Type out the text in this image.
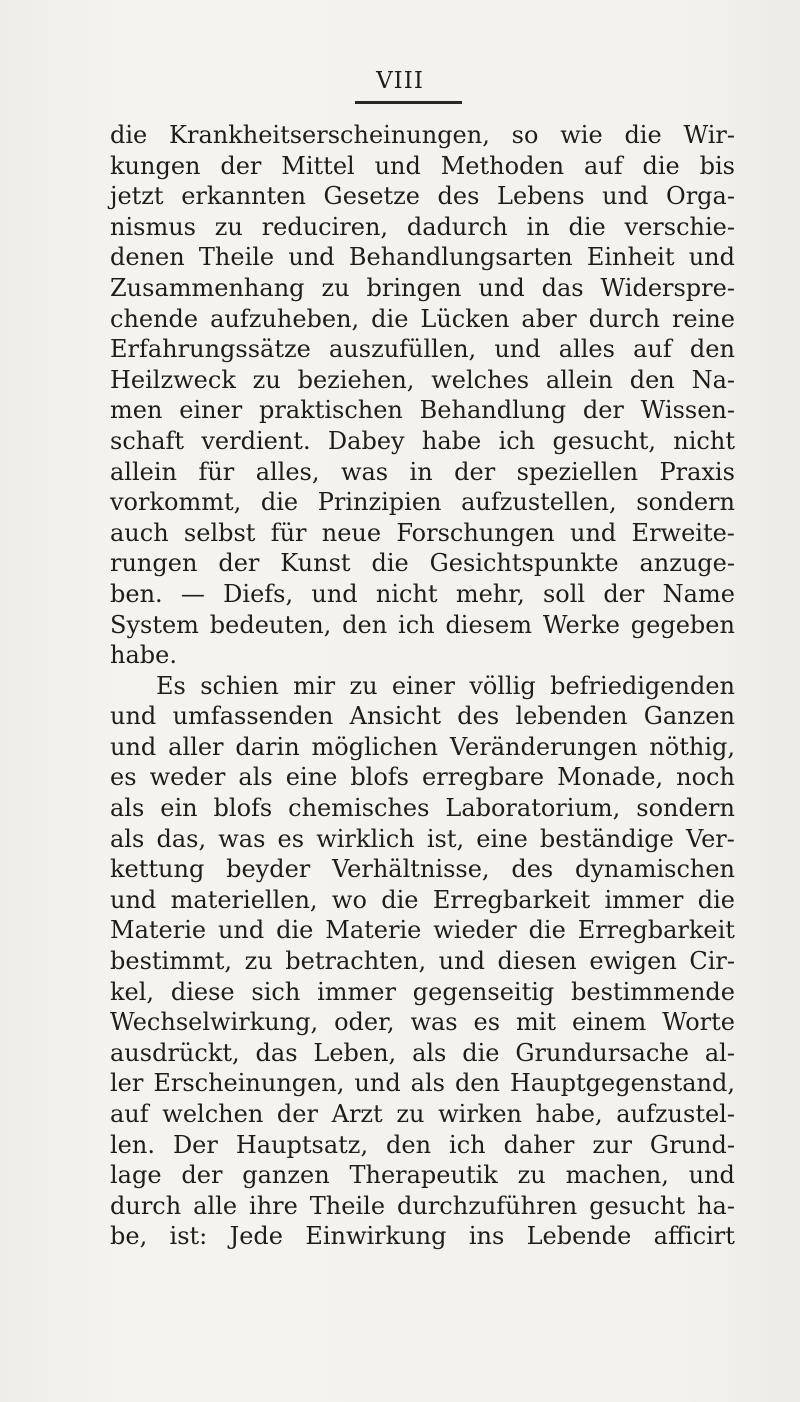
VIII
die Krankheitserscheinungen, so wie die Wir-
kungen der Mittel und Methoden auf die bis
jetzt erkannten Gesetze des Lebens und Orga-
nismus zu reduciren, dadurch in die verschie-
denen Theile und Behandlungsarten Einheit und
Zusammenhang zu bringen und das Widerspre-
chende aufzuheben, die Lücken aber durch reine
Erfahrungssätze auszufüllen, und alles auf den
Heilzweck zu beziehen, welches allein den Na-
men einer praktischen Behandlung der Wissen-
schaft verdient. Dabey habe ich gesucht, nicht
allein für alles, was in der speziellen Praxis
vorkommt, die Prinzipien aufzustellen, sondern
auch selbst für neue Forschungen und Erweite-
rungen der Kunst die Gesichtspunkte anzuge-
ben. — Diefs, und nicht mehr, soll der Name
System bedeuten, den ich diesem Werke gegeben
habe.
Es schien mir zu einer völlig befriedigenden
und umfassenden Ansicht des lebenden Ganzen
und aller darin möglichen Veränderungen nöthig,
es weder als eine blofs erregbare Monade, noch
als ein blofs chemisches Laboratorium, sondern
als das, was es wirklich ist, eine beständige Ver-
kettung beyder Verhältnisse, des dynamischen
und materiellen, wo die Erregbarkeit immer die
Materie und die Materie wieder die Erregbarkeit
bestimmt, zu betrachten, und diesen ewigen Cir-
kel, diese sich immer gegenseitig bestimmende
Wechselwirkung, oder, was es mit einem Worte
ausdrückt, das Leben, als die Grundursache al-
ler Erscheinungen, und als den Hauptgegenstand,
auf welchen der Arzt zu wirken habe, aufzustel-
len. Der Hauptsatz, den ich daher zur Grund-
lage der ganzen Therapeutik zu machen, und
durch alle ihre Theile durchzuführen gesucht ha-
be, ist: Jede Einwirkung ins Lebende afficirt
